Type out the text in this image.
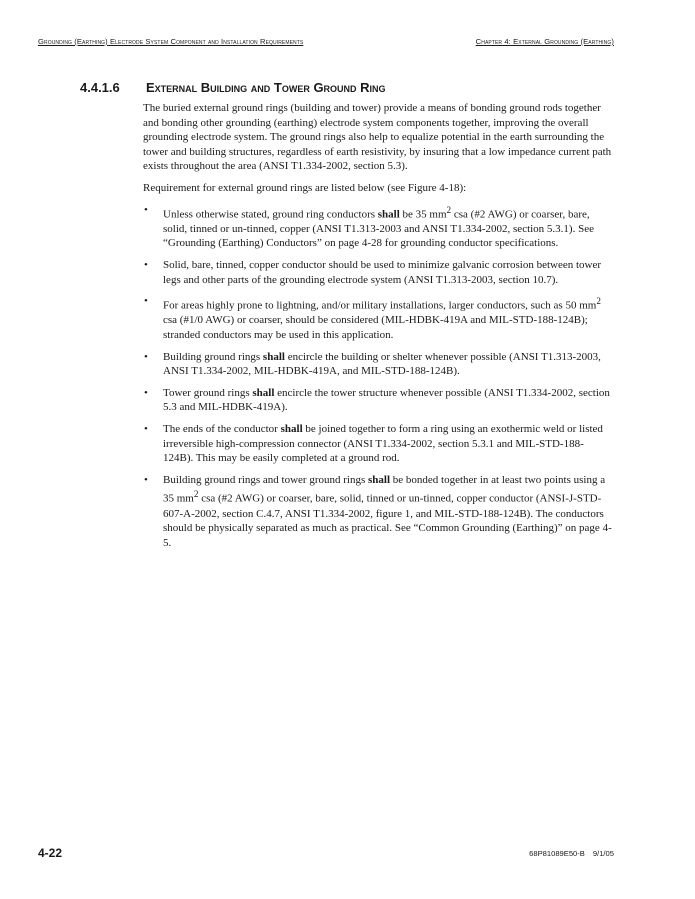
Grounding (Earthing) Electrode System Component and Installation Requirements	Chapter 4: External Grounding (Earthing)
4.4.1.6 External Building and Tower Ground Ring

The buried external ground rings (building and tower) provide a means of bonding ground rods together and bonding other grounding (earthing) electrode system components together, improving the overall grounding electrode system. The ground rings also help to equalize potential in the earth surrounding the tower and building structures, regardless of earth resistivity, by insuring that a low impedance current path exists throughout the area (ANSI T1.334-2002, section 5.3).

Requirement for external ground rings are listed below (see Figure 4-18):

• Unless otherwise stated, ground ring conductors shall be 35 $mm^2$ csa (#2 AWG) or coarser, bare, solid, tinned or un-tinned, copper (ANSI T1.313-2003 and ANSI T1.334-2002, section 5.3.1). See “Grounding (Earthing) Conductors” on page 4-28 for grounding conductor specifications.
• Solid, bare, tinned, copper conductor should be used to minimize galvanic corrosion between tower legs and other parts of the grounding electrode system (ANSI T1.313-2003, section 10.7).
• For areas highly prone to lightning, and/or military installations, larger conductors, such as 50 $mm^2$ csa (#1/0 AWG) or coarser, should be considered (MIL-HDBK-419A and MIL-STD-188-124B); stranded conductors may be used in this application.
• Building ground rings shall encircle the building or shelter whenever possible (ANSI T1.313-2003, ANSI T1.334-2002, MIL-HDBK-419A, and MIL-STD-188-124B).
• Tower ground rings shall encircle the tower structure whenever possible (ANSI T1.334-2002, section 5.3 and MIL-HDBK-419A).
• The ends of the conductor shall be joined together to form a ring using an exothermic weld or listed irreversible high-compression connector (ANSI T1.334-2002, section 5.3.1 and MIL-STD-188-124B). This may be easily completed at a ground rod.
• Building ground rings and tower ground rings shall be bonded together in at least two points using a 35 $mm^2$ csa (#2 AWG) or coarser, bare, solid, tinned or un-tinned, copper conductor (ANSI-J-STD-607-A-2002, section C.4.7, ANSI T1.334-2002, figure 1, and MIL-STD-188-124B). The conductors should be physically separated as much as practical. See “Common Grounding (Earthing)” on page 4-5.
4-22	68P81089E50-B 9/1/05
